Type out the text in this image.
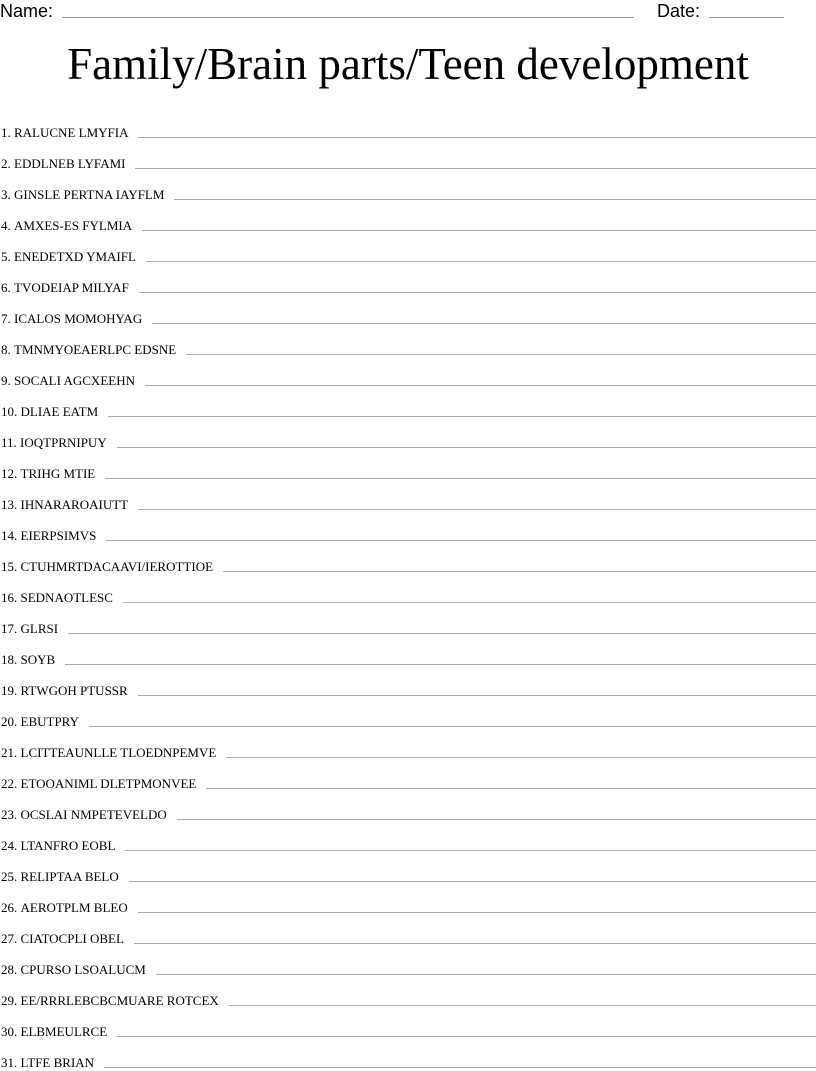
Name:	Date:
Family/Brain parts/Teen development
1. RALUCNE LMYFIA
2. EDDLNEB LYFAMI
3. GINSLE PERTNA IAYFLM
4. AMXES-ES FYLMIA
5. ENEDETXD YMAIFL
6. TVODEIAP MILYAF
7. ICALOS MOMOHYAG
8. TMNMYOEAERLPC EDSNE
9. SOCALI AGCXEEHN
10. DLIAE EATM
11. IOQTPRNIPUY
12. TRIHG MTIE
13. IHNARAROAIUTT
14. EIERPSIMVS
15. CTUHMRTDACAAVI/IEROTTIOE
16. SEDNAOTLESC
17. GLRSI
18. SOYB
19. RTWGOH PTUSSR
20. EBUTPRY
21. LCITTEAUNLLE TLOEDNPEMVE
22. ETOOANIML DLETPMONVEE
23. OCSLAI NMPETEVELDO
24. LTANFRO EOBL
25. RELIPTAA BELO
26. AEROTPLM BLEO
27. CIATOCPLI OBEL
28. CPURSO LSOALUCM
29. EE/RRRLEBCBCMUARE ROTCEX
30. ELBMEULRCE
31. LTFE BRIAN
